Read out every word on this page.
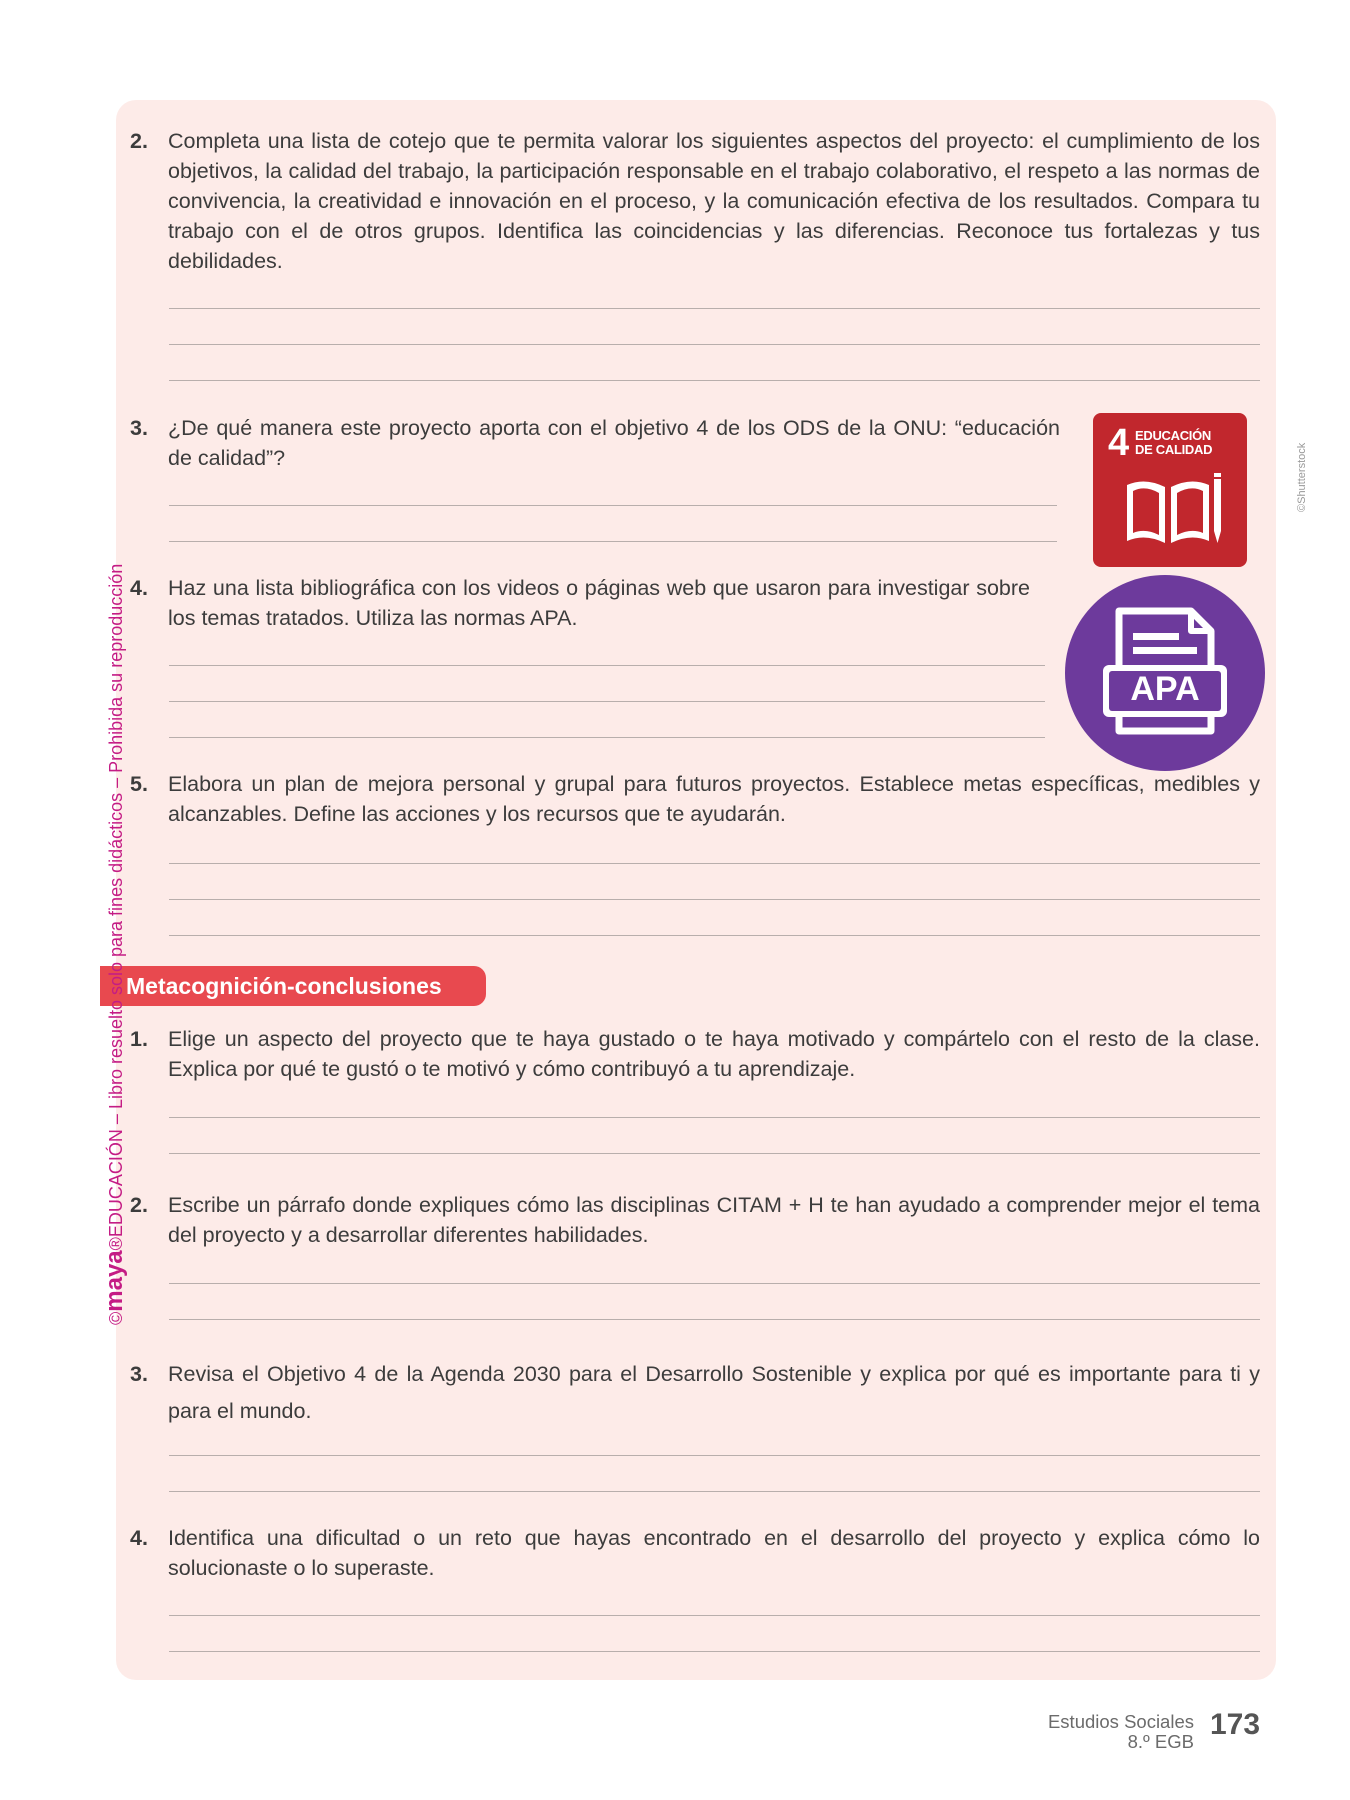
2. Completa una lista de cotejo que te permita valorar los siguientes aspectos del proyecto: el cumplimiento de los objetivos, la calidad del trabajo, la participación responsable en el trabajo colaborativo, el respeto a las normas de convivencia, la creatividad e innovación en el proceso, y la comunicación efectiva de los resultados. Compara tu trabajo con el de otros grupos. Identifica las coincidencias y las diferencias. Reconoce tus fortalezas y tus debilidades.
3. ¿De qué manera este proyecto aporta con el objetivo 4 de los ODS de la ONU: “educación de calidad”?	4 EDUCACIÓN
DE CALIDAD
4. Haz una lista bibliográfica con los videos o páginas web que usaron para investigar sobre los temas tratados. Utiliza las normas APA.
APA
5. Elabora un plan de mejora personal y grupal para futuros proyectos. Establece metas específicas, medibles y alcanzables. Define las acciones y los recursos que te ayudarán.
Metacognición-conclusiones
1. Elige un aspecto del proyecto que te haya gustado o te haya motivado y compártelo con el resto de la clase. Explica por qué te gustó o te motivó y cómo contribuyó a tu aprendizaje.
2. Escribe un párrafo donde expliques cómo las disciplinas CITAM + H te han ayudado a comprender mejor el tema del proyecto y a desarrollar diferentes habilidades.
3. Revisa el Objetivo 4 de la Agenda 2030 para el Desarrollo Sostenible y explica por qué es importante para ti y para el mundo.
4. Identifica una dificultad o un reto que hayas encontrado en el desarrollo del proyecto y explica cómo lo solucionaste o lo superaste.
©maya®EDUCACIÓN – Libro resuelto solo para fines didácticos – Prohibida su reproducción
©Shutterstock
Estudios Sociales
8.º EGB
173
